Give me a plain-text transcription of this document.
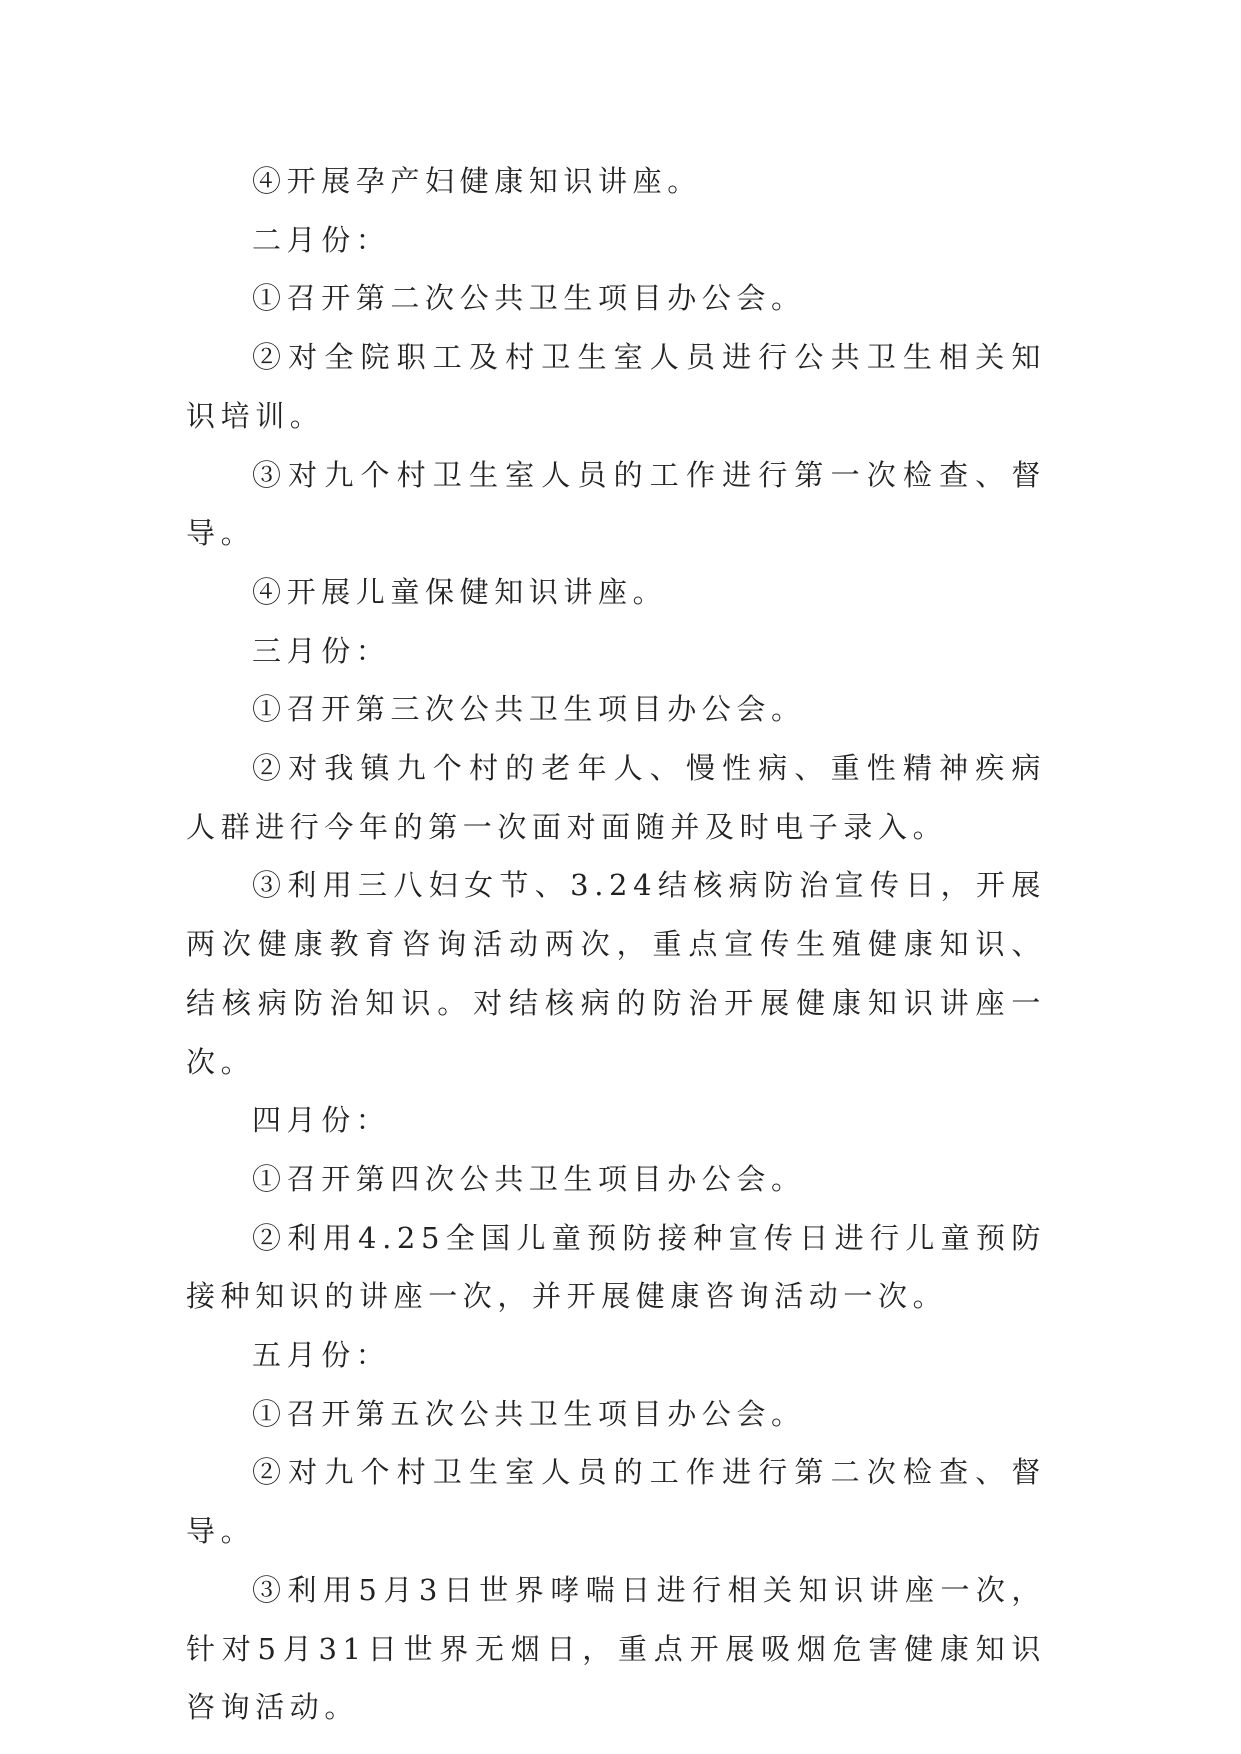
④开展孕产妇健康知识讲座。

二月份：

①召开第二次公共卫生项目办公会。

②对全院职工及村卫生室人员进行公共卫生相关知识培训。

③对九个村卫生室人员的工作进行第一次检查、督导。

④开展儿童保健知识讲座。

三月份：

①召开第三次公共卫生项目办公会。

②对我镇九个村的老年人、慢性病、重性精神疾病人群进行今年的第一次面对面随并及时电子录入。

③利用三八妇女节、3.24结核病防治宣传日，开展两次健康教育咨询活动两次，重点宣传生殖健康知识、结核病防治知识。对结核病的防治开展健康知识讲座一次。

四月份：

①召开第四次公共卫生项目办公会。

②利用4.25全国儿童预防接种宣传日进行儿童预防接种知识的讲座一次，并开展健康咨询活动一次。

五月份：

①召开第五次公共卫生项目办公会。

②对九个村卫生室人员的工作进行第二次检查、督导。

③利用5月3日世界哮喘日进行相关知识讲座一次，针对5月31日世界无烟日，重点开展吸烟危害健康知识咨询活动。
